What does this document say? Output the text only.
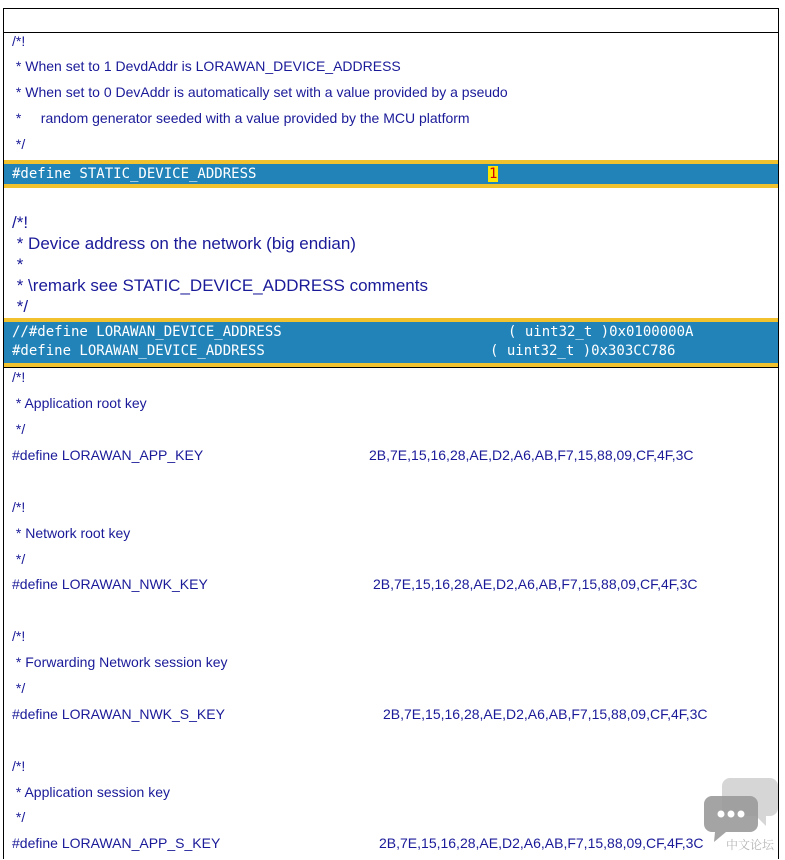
/*!
* When set to 1 DevdAddr is LORAWAN_DEVICE_ADDRESS
* When set to 0 DevAddr is automatically set with a value provided by a pseudo
*     random generator seeded with a value provided by the MCU platform
*/
#define STATIC_DEVICE_ADDRESS	1
/*!
* Device address on the network (big endian)
*
* \remark see STATIC_DEVICE_ADDRESS comments
*/
//#define LORAWAN_DEVICE_ADDRESS	( uint32_t )0x0100000A
#define LORAWAN_DEVICE_ADDRESS	( uint32_t )0x303CC786
/*!
* Application root key
*/
#define LORAWAN_APP_KEY	2B,7E,15,16,28,AE,D2,A6,AB,F7,15,88,09,CF,4F,3C
/*!
* Network root key
*/
#define LORAWAN_NWK_KEY	2B,7E,15,16,28,AE,D2,A6,AB,F7,15,88,09,CF,4F,3C
/*!
* Forwarding Network session key
*/
#define LORAWAN_NWK_S_KEY	2B,7E,15,16,28,AE,D2,A6,AB,F7,15,88,09,CF,4F,3C
/*!
* Application session key
*/
#define LORAWAN_APP_S_KEY	2B,7E,15,16,28,AE,D2,A6,AB,F7,15,88,09,CF,4F,3C 中文论坛
